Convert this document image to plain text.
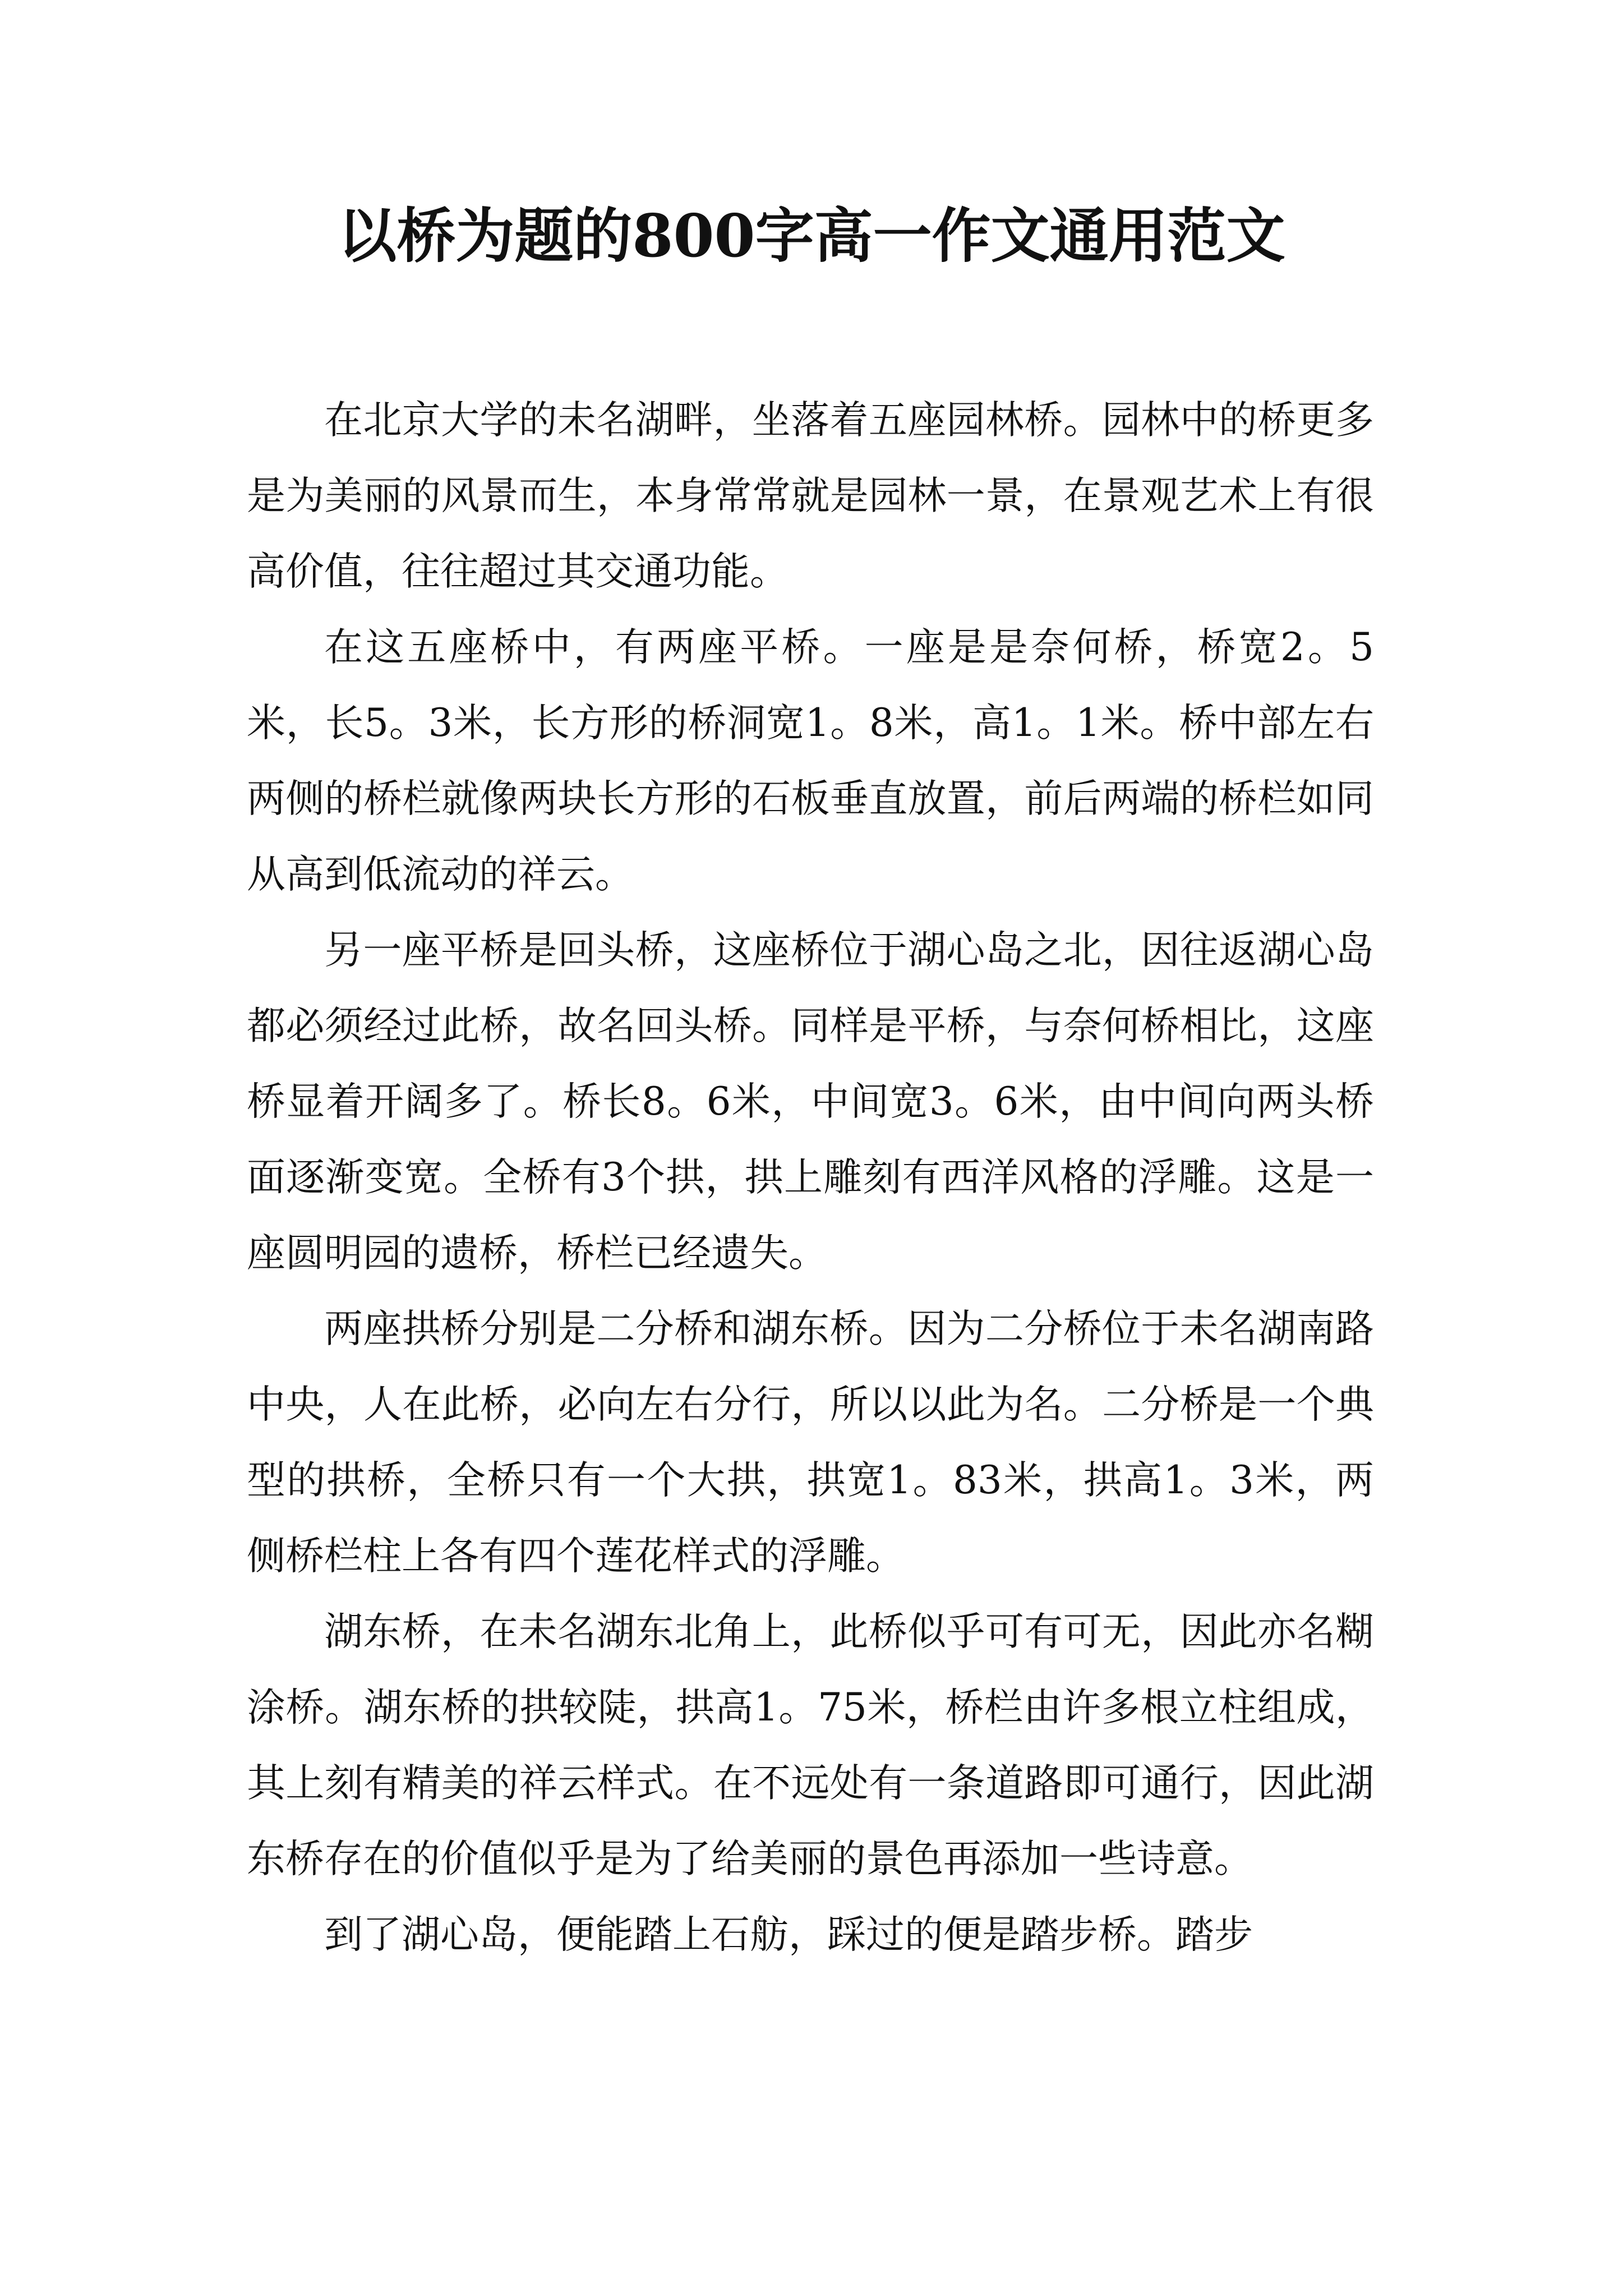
以桥为题的800字高一作文通用范文

在北京大学的未名湖畔，坐落着五座园林桥。园林中的桥更多是为美丽的风景而生，本身常常就是园林一景，在景观艺术上有很高价值，往往超过其交通功能。

在这五座桥中，有两座平桥。一座是是奈何桥，桥宽2。5米，长5。3米，长方形的桥洞宽1。8米，高1。1米。桥中部左右两侧的桥栏就像两块长方形的石板垂直放置，前后两端的桥栏如同从高到低流动的祥云。

另一座平桥是回头桥，这座桥位于湖心岛之北，因往返湖心岛都必须经过此桥，故名回头桥。同样是平桥，与奈何桥相比，这座桥显着开阔多了。桥长8。6米，中间宽3。6米，由中间向两头桥面逐渐变宽。全桥有3个拱，拱上雕刻有西洋风格的浮雕。这是一座圆明园的遗桥，桥栏已经遗失。

两座拱桥分别是二分桥和湖东桥。因为二分桥位于未名湖南路中央，人在此桥，必向左右分行，所以以此为名。二分桥是一个典型的拱桥，全桥只有一个大拱，拱宽1。83米，拱高1。3米，两侧桥栏柱上各有四个莲花样式的浮雕。

湖东桥，在未名湖东北角上，此桥似乎可有可无，因此亦名糊涂桥。湖东桥的拱较陡，拱高1。75米，桥栏由许多根立柱组成，其上刻有精美的祥云样式。在不远处有一条道路即可通行，因此湖东桥存在的价值似乎是为了给美丽的景色再添加一些诗意。

到了湖心岛，便能踏上石舫，踩过的便是踏步桥。踏步
